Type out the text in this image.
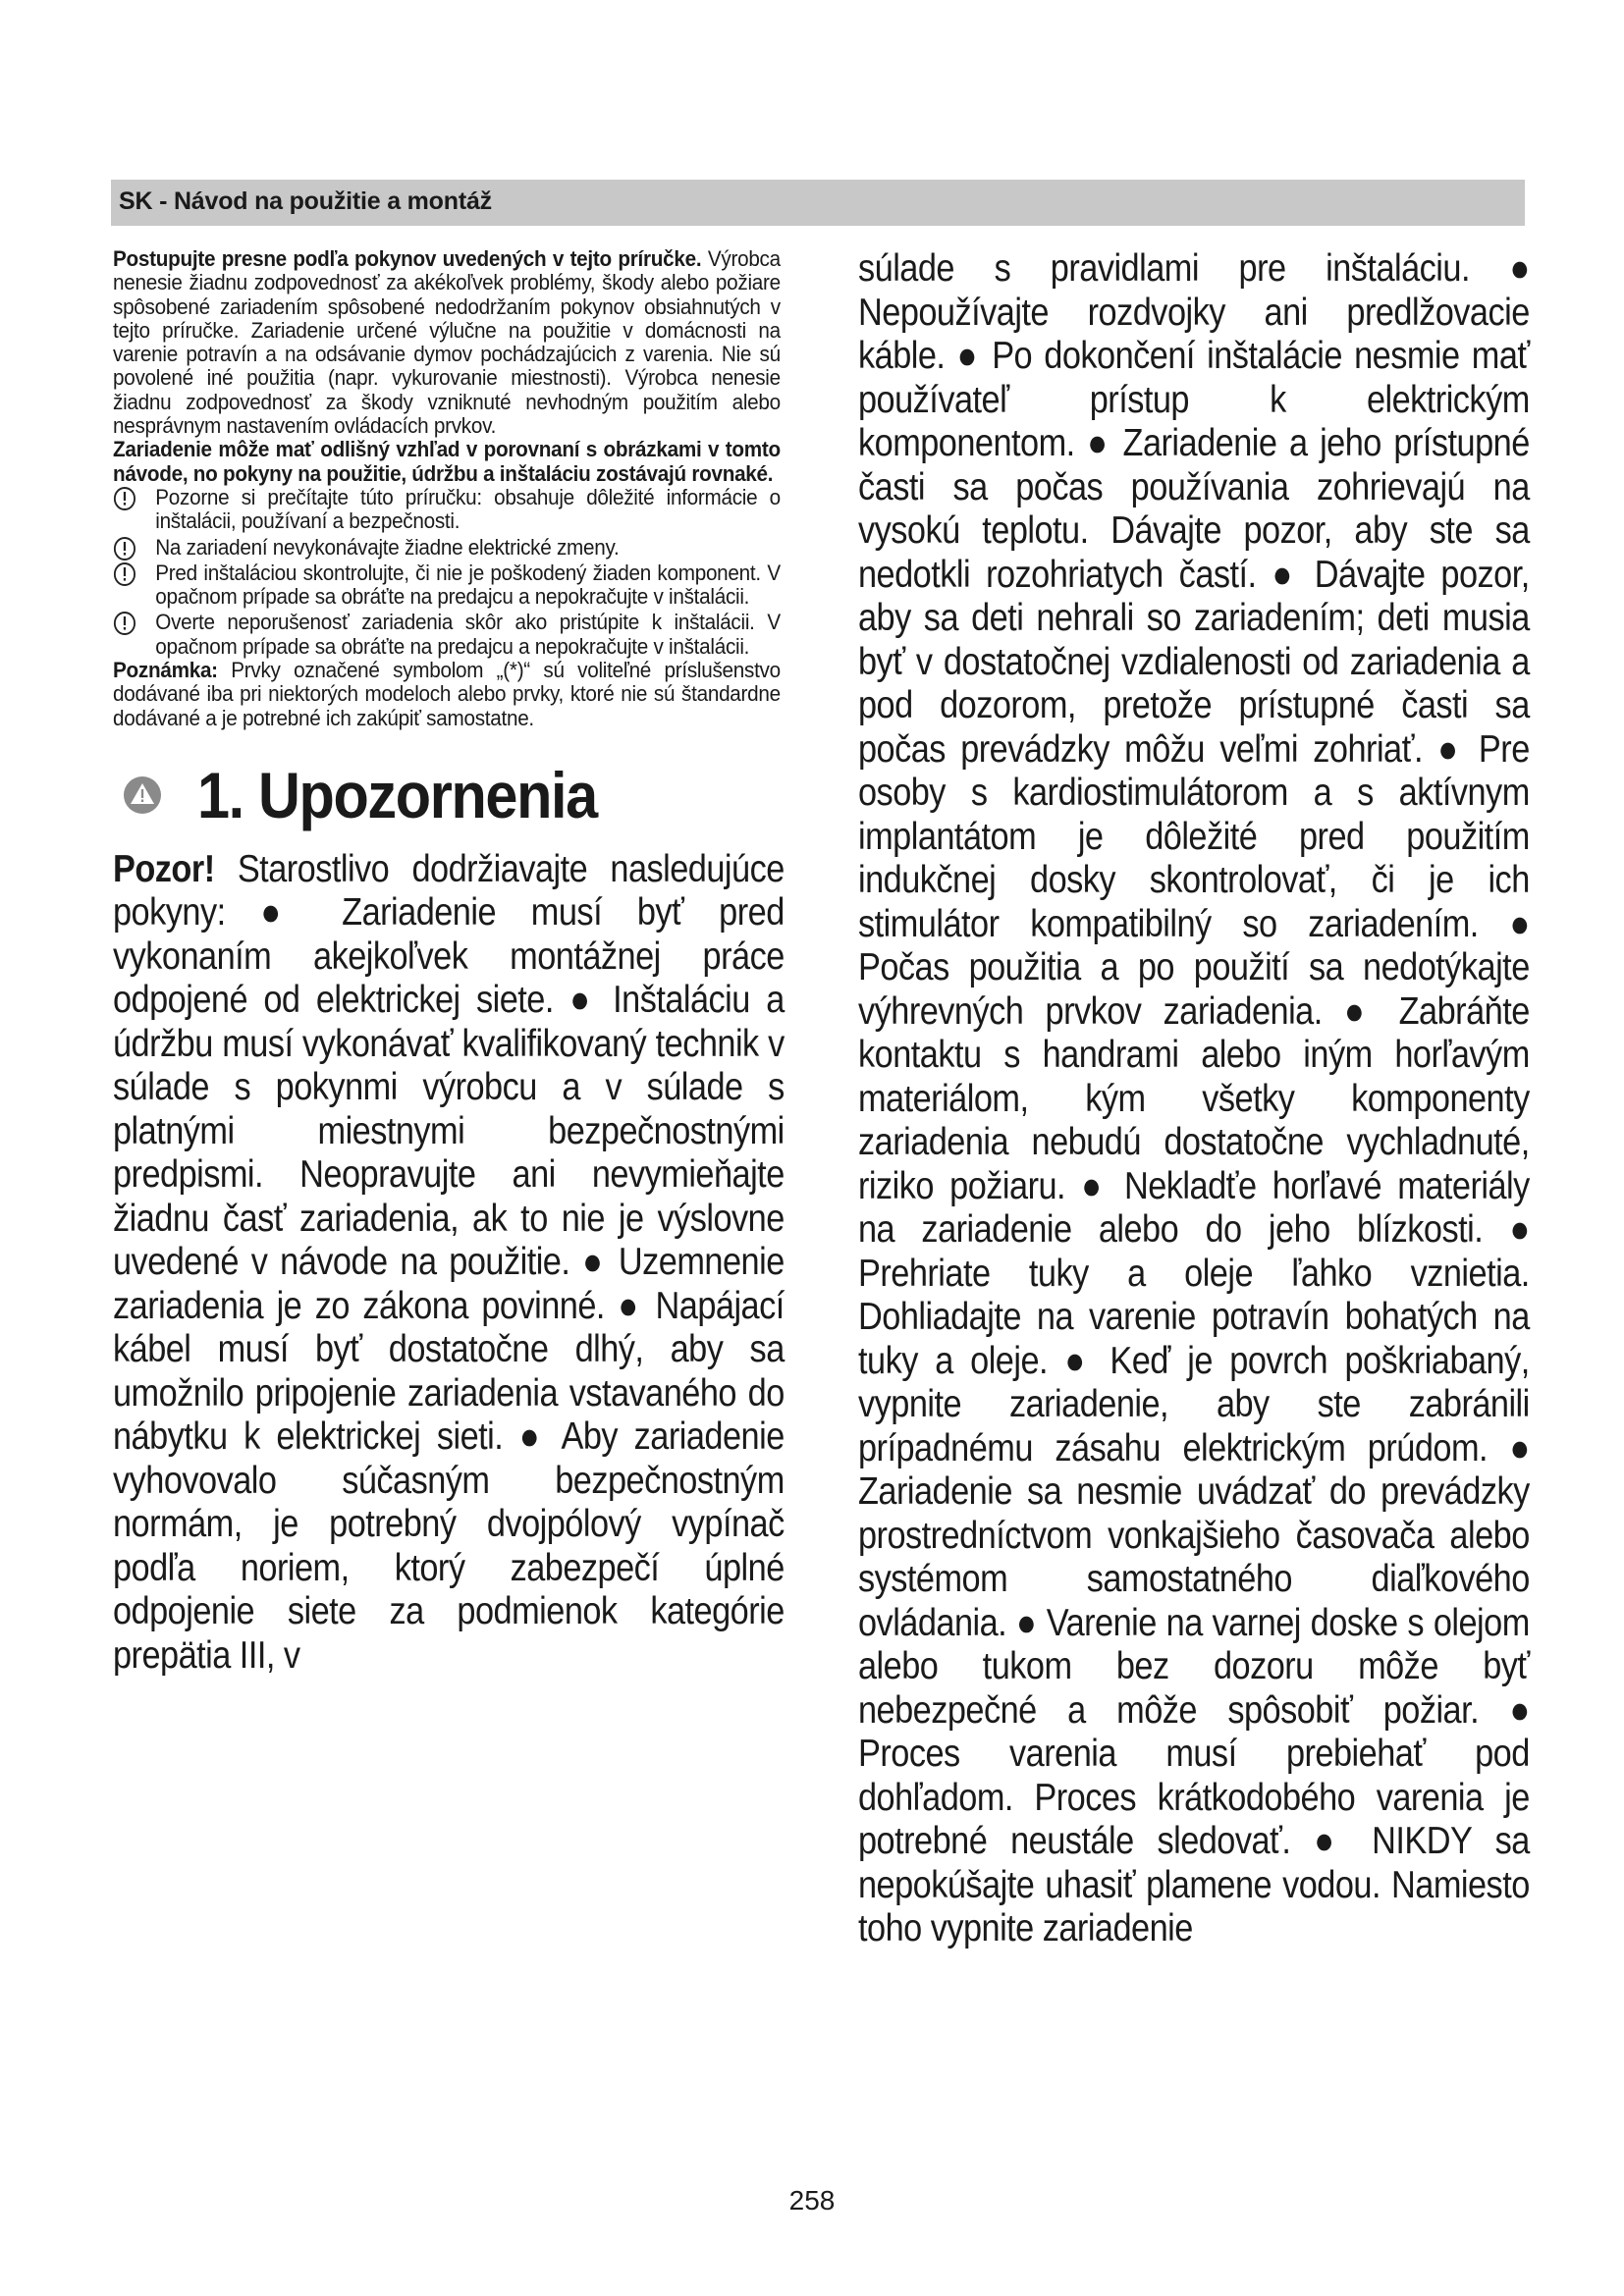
SK - Návod na použitie a montáž

Postupujte presne podľa pokynov uvedených v tejto príručke. Výrobca nenesie žiadnu zodpovednosť za akékoľvek problémy, škody alebo požiare spôsobené zariadením spôsobené nedodržaním pokynov obsiahnutých v tejto príručke. Zariadenie určené výlučne na použitie v domácnosti na varenie potravín a na odsávanie dymov pochádzajúcich z varenia. Nie sú povolené iné použitia (napr. vykurovanie miestnosti). Výrobca nenesie žiadnu zodpovednosť za škody vzniknuté nevhodným použitím alebo nesprávnym nastavením ovládacích prvkov.

Zariadenie môže mať odlišný vzhľad v porovnaní s obrázkami v tomto návode, no pokyny na použitie, údržbu a inštaláciu zostávajú rovnaké.

Pozorne si prečítajte túto príručku: obsahuje dôležité informácie o inštalácii, používaní a bezpečnosti.

Na zariadení nevykonávajte žiadne elektrické zmeny.

Pred inštaláciou skontrolujte, či nie je poškodený žiaden komponent. V opačnom prípade sa obráťte na predajcu a nepokračujte v inštalácii.

Overte neporušenosť zariadenia skôr ako pristúpite k inštalácii. V opačnom prípade sa obráťte na predajcu a nepokračujte v inštalácii.

Poznámka: Prvky označené symbolom „(*)“ sú voliteľné príslušenstvo dodávané iba pri niektorých modeloch alebo prvky, ktoré nie sú štandardne dodávané a je potrebné ich zakúpiť samostatne.

1. Upozornenia

Pozor! Starostlivo dodržiavajte nasledujúce pokyny: ● Zariadenie musí byť pred vykonaním akejkoľvek montážnej práce odpojené od elektrickej siete. ● Inštaláciu a údržbu musí vykonávať kvalifikovaný technik v súlade s pokynmi výrobcu a v súlade s platnými miestnymi bezpečnostnými predpismi. Neopravujte ani nevymieňajte žiadnu časť zariadenia, ak to nie je výslovne uvedené v návode na použitie. ● Uzemnenie zariadenia je zo zákona povinné. ● Napájací kábel musí byť dostatočne dlhý, aby sa umožnilo pripojenie zariadenia vstavaného do nábytku k elektrickej sieti. ● Aby zariadenie vyhovovalo súčasným bezpečnostným normám, je potrebný dvojpólový vypínač podľa noriem, ktorý zabezpečí úplné odpojenie siete za podmienok kategórie prepätia III, v

súlade s pravidlami pre inštaláciu. ● Nepoužívajte rozdvojky ani predlžovacie káble. ● Po dokončení inštalácie nesmie mať používateľ prístup k elektrickým komponentom. ● Zariadenie a jeho prístupné časti sa počas používania zohrievajú na vysokú teplotu. Dávajte pozor, aby ste sa nedotkli rozohriatych častí. ● Dávajte pozor, aby sa deti nehrali so zariadením; deti musia byť v dostatočnej vzdialenosti od zariadenia a pod dozorom, pretože prístupné časti sa počas prevádzky môžu veľmi zohriať. ● Pre osoby s kardiostimulátorom a s aktívnym implantátom je dôležité pred použitím indukčnej dosky skontrolovať, či je ich stimulátor kompatibilný so zariadením. ● Počas použitia a po použití sa nedotýkajte výhrevných prvkov zariadenia. ● Zabráňte kontaktu s handrami alebo iným horľavým materiálom, kým všetky komponenty zariadenia nebudú dostatočne vychladnuté, riziko požiaru. ● Nekladťe horľavé materiály na zariadenie alebo do jeho blízkosti. ● Prehriate tuky a oleje ľahko vznietia. Dohliadajte na varenie potravín bohatých na tuky a oleje. ● Keď je povrch poškriabaný, vypnite zariadenie, aby ste zabránili prípadnému zásahu elektrickým prúdom. ● Zariadenie sa nesmie uvádzať do prevádzky prostredníctvom vonkajšieho časovača alebo systémom samostatného diaľkového ovládania. ● Varenie na varnej doske s olejom alebo tukom bez dozoru môže byť nebezpečné a môže spôsobiť požiar. ● Proces varenia musí prebiehať pod dohľadom. Proces krátkodobého varenia je potrebné neustále sledovať. ● NIKDY sa nepokúšajte uhasiť plamene vodou. Namiesto toho vypnite zariadenie

258
